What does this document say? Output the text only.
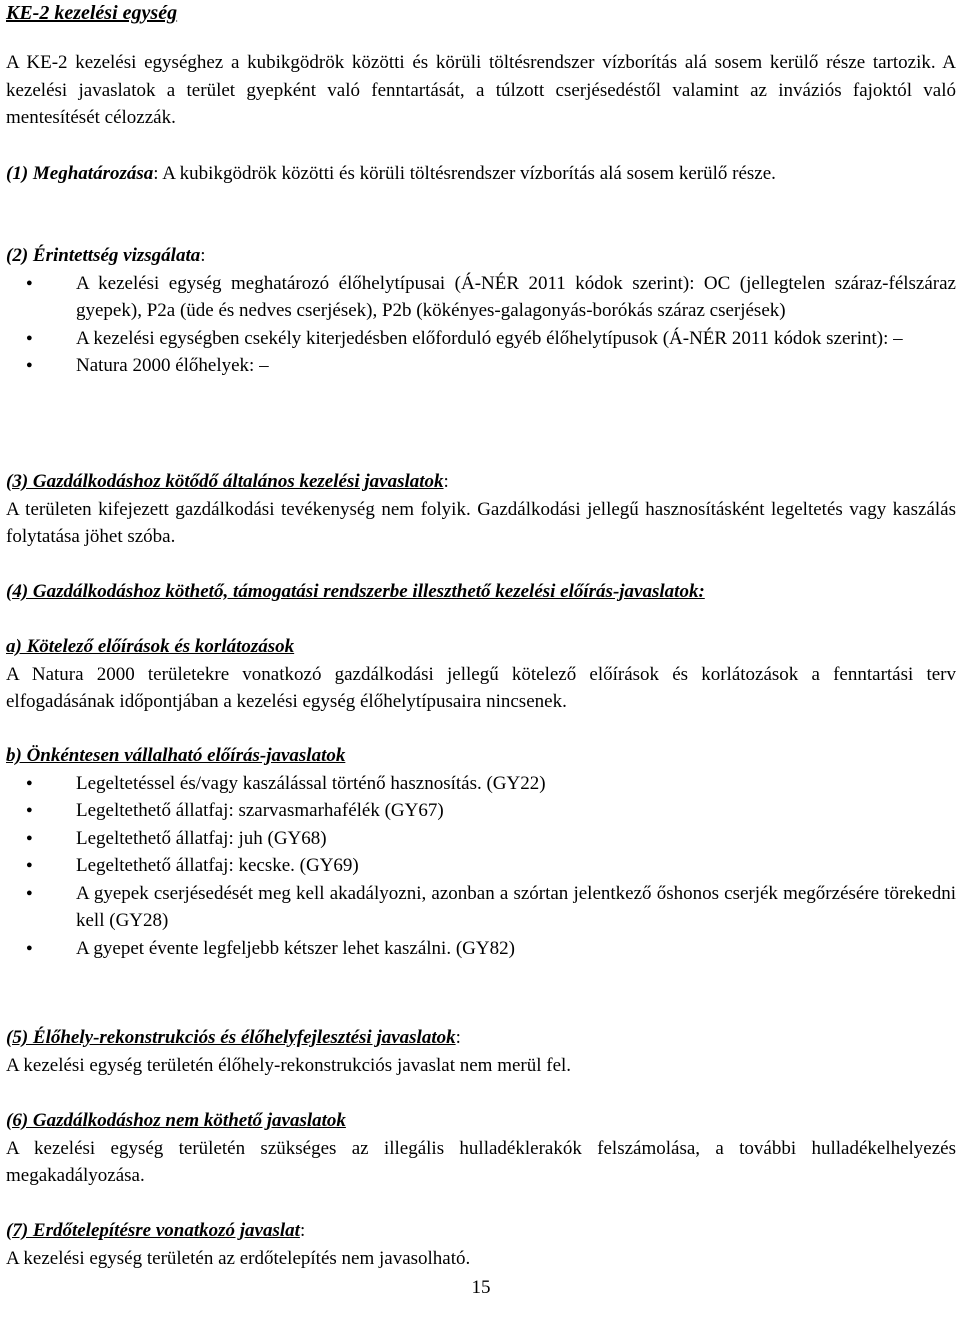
KE-2 kezelési egység

A KE-2 kezelési egységhez a kubikgödrök közötti és körüli töltésrendszer vízborítás alá sosem kerülő része tartozik. A kezelési javaslatok a terület gyepként való fenntartását, a túlzott cserjésedéstől valamint az inváziós fajoktól való mentesítését célozzák.

(1) Meghatározása: A kubikgödrök közötti és körüli töltésrendszer vízborítás alá sosem kerülő része.

(2) Érintettség vizsgálata:

● A kezelési egység meghatározó élőhelytípusai (Á-NÉR 2011 kódok szerint): OC (jellegtelen száraz-félszáraz gyepek), P2a (üde és nedves cserjések), P2b (kökényes-galagonyás-borókás száraz cserjések)
● A kezelési egységben csekély kiterjedésben előforduló egyéb élőhelytípusok (Á-NÉR 2011 kódok szerint): –
● Natura 2000 élőhelyek: –

(3) Gazdálkodáshoz kötődő általános kezelési javaslatok:

A területen kifejezett gazdálkodási tevékenység nem folyik. Gazdálkodási jellegű hasznosításként legeltetés vagy kaszálás folytatása jöhet szóba.

(4) Gazdálkodáshoz köthető, támogatási rendszerbe illeszthető kezelési előírás-javaslatok:

a) Kötelező előírások és korlátozások

A Natura 2000 területekre vonatkozó gazdálkodási jellegű kötelező előírások és korlátozások a fenntartási terv elfogadásának időpontjában a kezelési egység élőhelytípusaira nincsenek.

b) Önkéntesen vállalható előírás-javaslatok

● Legeltetéssel és/vagy kaszálással történő hasznosítás. (GY22)
● Legeltethető állatfaj: szarvasmarhafélék (GY67)
● Legeltethető állatfaj: juh (GY68)
● Legeltethető állatfaj: kecske. (GY69)
● A gyepek cserjésedését meg kell akadályozni, azonban a szórtan jelentkező őshonos cserjék megőrzésére törekedni kell (GY28)
● A gyepet évente legfeljebb kétszer lehet kaszálni. (GY82)

(5) Élőhely-rekonstrukciós és élőhelyfejlesztési javaslatok:

A kezelési egység területén élőhely-rekonstrukciós javaslat nem merül fel.

(6) Gazdálkodáshoz nem köthető javaslatok

A kezelési egység területén szükséges az illegális hulladéklerakók felszámolása, a további hulladékelhelyezés megakadályozása.

(7) Erdőtelepítésre vonatkozó javaslat:

A kezelési egység területén az erdőtelepítés nem javasolható.

15
